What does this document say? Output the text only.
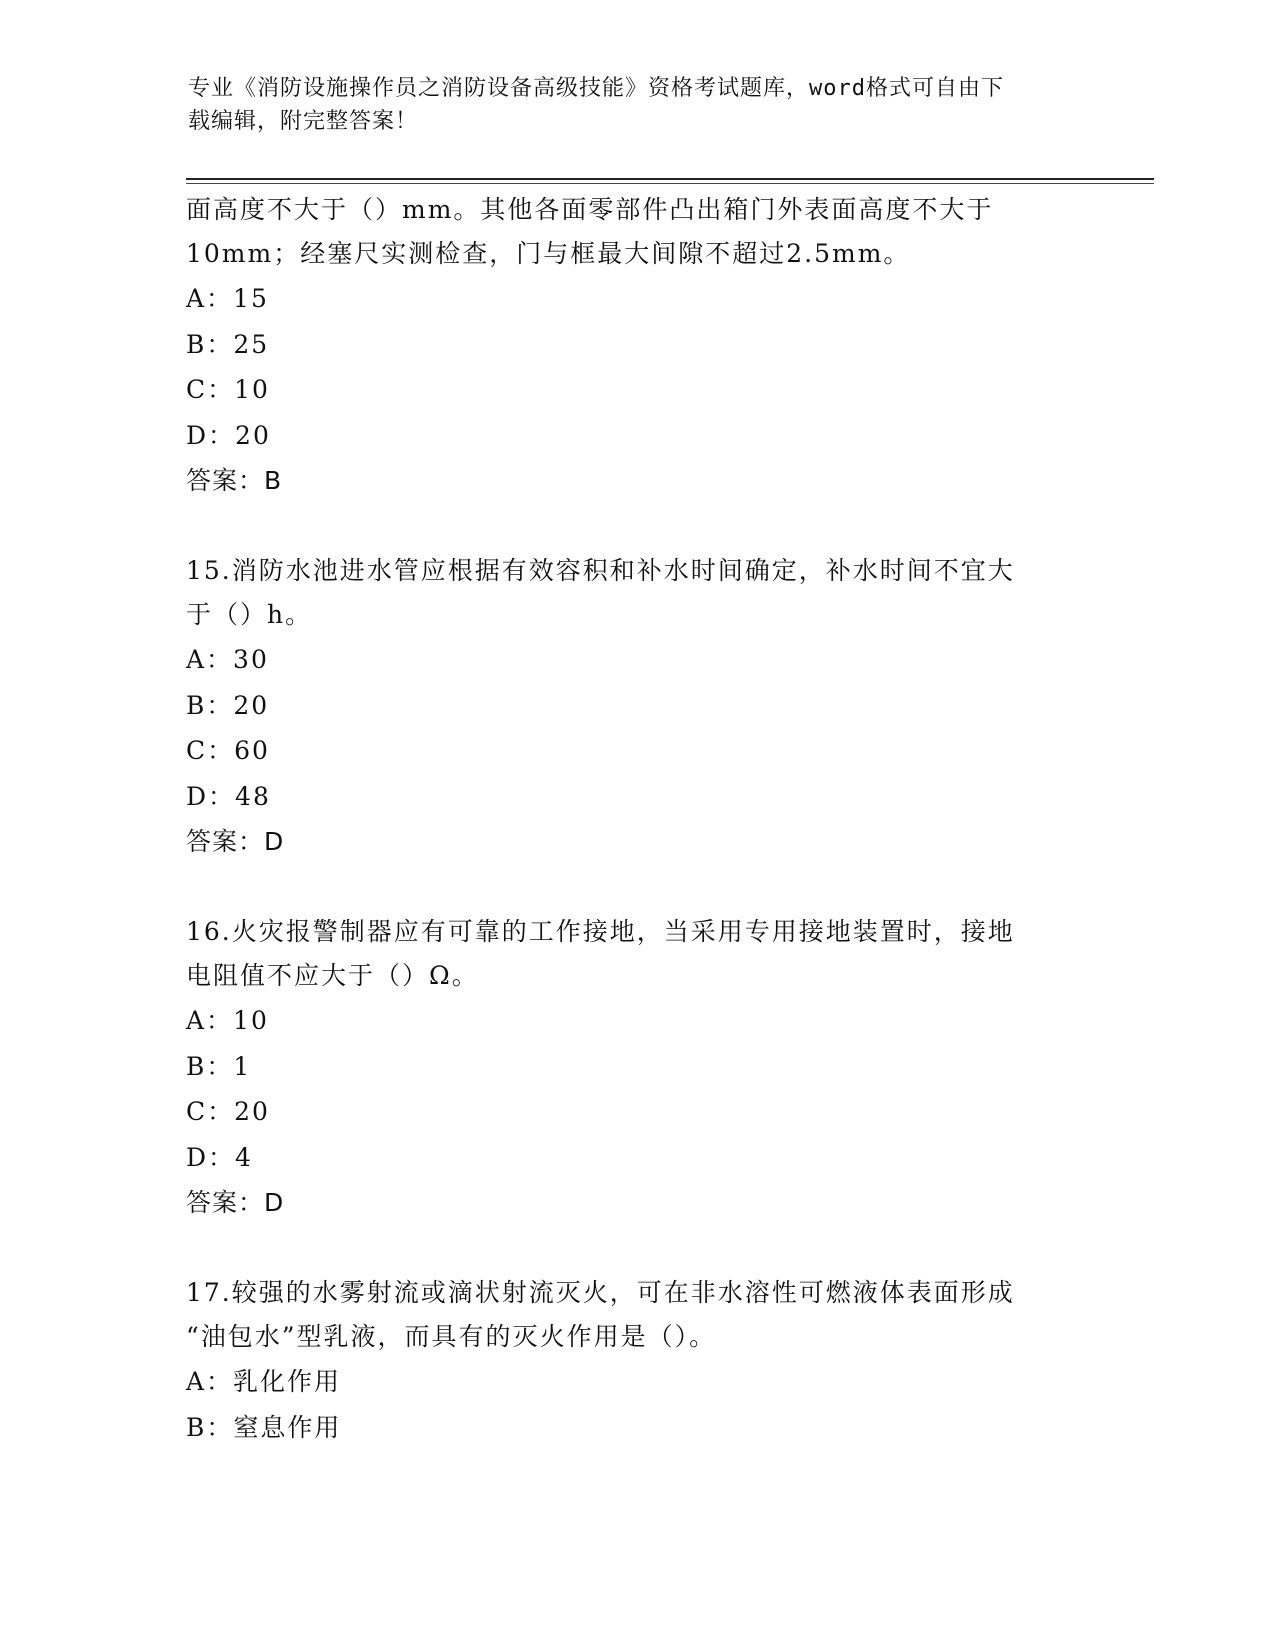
专业《消防设施操作员之消防设备高级技能》资格考试题库，word格式可自由下
载编辑，附完整答案！

面高度不大于（）mm。其他各面零部件凸出箱门外表面高度不大于

10mm；经塞尺实测检查，门与框最大间隙不超过2.5mm。

A：15

B：25

C：10

D：20

答案：B

15.消防水池进水管应根据有效容积和补水时间确定，补水时间不宜大

于（）h。

A：30

B：20

C：60

D：48

答案：D

16.火灾报警制器应有可靠的工作接地，当采用专用接地装置时，接地

电阻值不应大于（）Ω。

A：10

B：1

C：20

D：4

答案：D

17.较强的水雾射流或滴状射流灭火，可在非水溶性可燃液体表面形成

“油包水”型乳液，而具有的灭火作用是（）。

A：乳化作用

B：窒息作用
